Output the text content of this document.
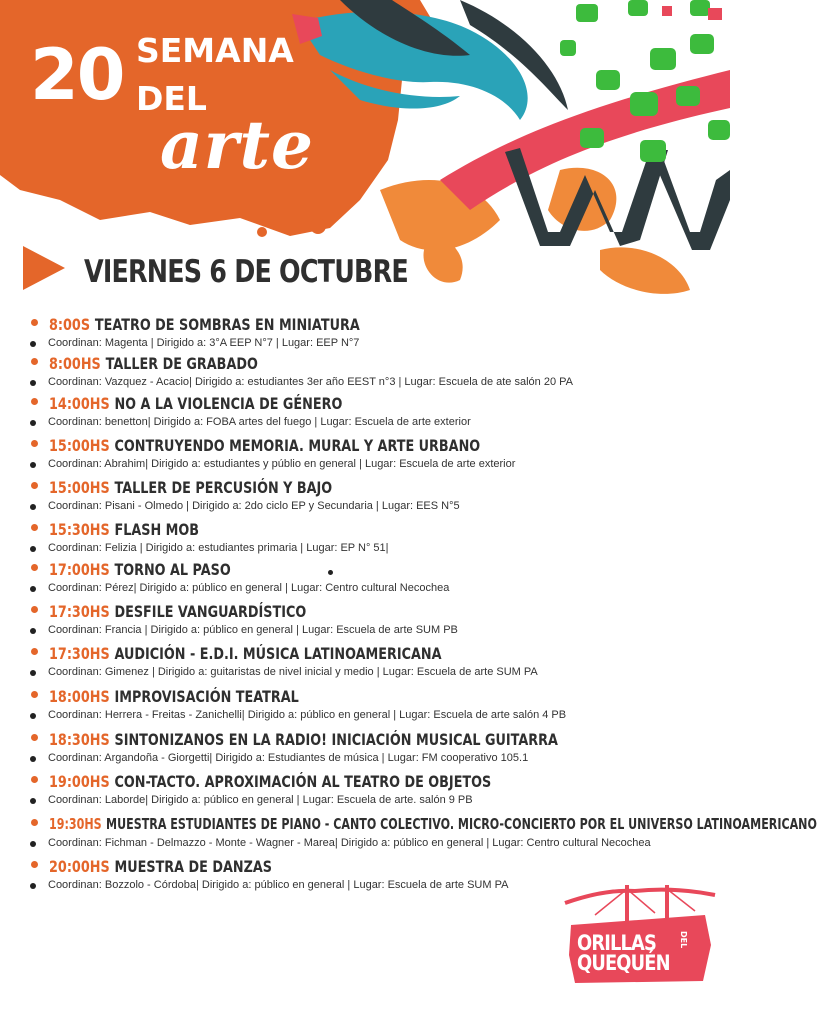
20 SEMANA
DEL
arte
VIERNES 6 DE OCTUBRE
8:00S TEATRO DE SOMBRAS EN MINIATURA
Coordinan: Magenta | Dirigido a: 3°A EEP N°7 | Lugar: EEP N°7
8:00HS TALLER DE GRABADO
Coordinan: Vazquez - Acacio| Dirigido a: estudiantes 3er año EEST n°3 | Lugar: Escuela de ate salón 20 PA
14:00HS NO A LA VIOLENCIA DE GÉNERO
Coordinan: benetton| Dirigido a: FOBA artes del fuego | Lugar: Escuela de arte exterior
15:00HS CONTRUYENDO MEMORIA. MURAL Y ARTE URBANO
Coordinan: Abrahim| Dirigido a: estudiantes y públio en general | Lugar: Escuela de arte exterior
15:00HS TALLER DE PERCUSIÓN Y BAJO
Coordinan: Pisani - Olmedo | Dirigido a: 2do ciclo EP y Secundaria | Lugar: EES N°5
15:30HS FLASH MOB
Coordinan: Felizia | Dirigido a: estudiantes primaria | Lugar: EP N° 51|
17:00HS TORNO AL PASO
Coordinan: Pérez| Dirigido a: público en general | Lugar: Centro cultural Necochea
17:30HS DESFILE VANGUARDÍSTICO
Coordinan: Francia | Dirigido a: público en general | Lugar: Escuela de arte SUM PB
17:30HS AUDICIÓN - E.D.I. MÚSICA LATINOAMERICANA
Coordinan: Gimenez | Dirigido a: guitaristas de nivel inicial y medio | Lugar: Escuela de arte SUM PA
18:00HS IMPROVISACIÓN TEATRAL
Coordinan: Herrera - Freitas - Zanichelli| Dirigido a: público en general | Lugar: Escuela de arte salón 4 PB
18:30HS SINTONIZANOS EN LA RADIO! INICIACIÓN MUSICAL GUITARRA
Coordinan: Argandoña - Giorgetti| Dirigido a: Estudiantes de música | Lugar: FM cooperativo 105.1
19:00HS CON-TACTO. APROXIMACIÓN AL TEATRO DE OBJETOS
Coordinan: Laborde| Dirigido a: público en general | Lugar: Escuela de arte. salón 9 PB
19:30HS MUESTRA ESTUDIANTES DE PIANO - CANTO COLECTIVO. MICRO-CONCIERTO POR EL UNIVERSO LATINOAMERICANO
Coordinan: Fichman - Delmazzo - Monte - Wagner - Marea| Dirigido a: público en general | Lugar: Centro cultural Necochea
20:00HS MUESTRA DE DANZAS
Coordinan: Bozzolo - Córdoba| Dirigido a: público en general | Lugar: Escuela de arte SUM PA
ORILLAS	DEL
QUEQUÉN
